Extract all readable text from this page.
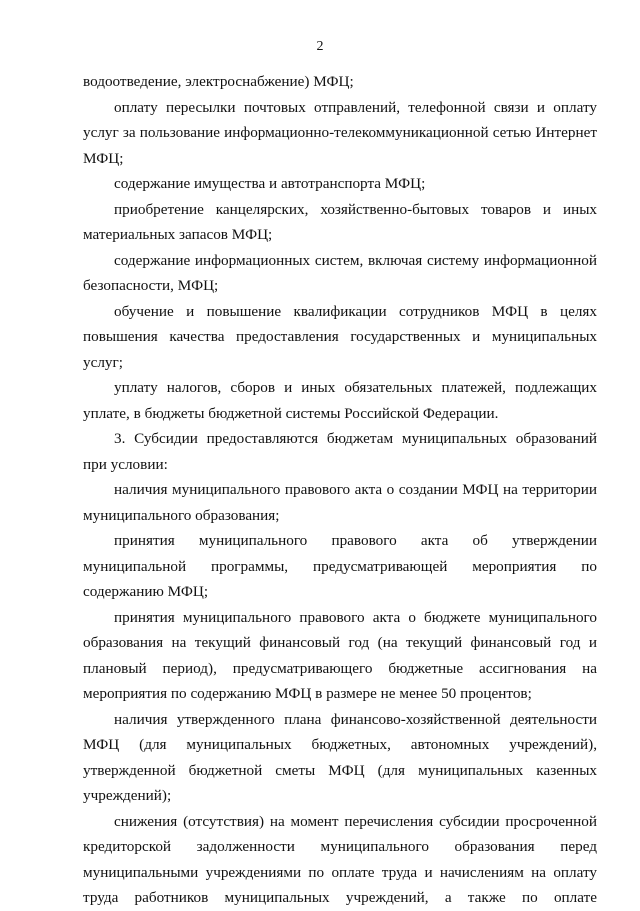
2

водоотведение, электроснабжение) МФЦ;

оплату пересылки почтовых отправлений, телефонной связи и оплату услуг за пользование информационно-телекоммуникационной сетью Интернет МФЦ;

содержание имущества и автотранспорта МФЦ;

приобретение канцелярских, хозяйственно-бытовых товаров и иных материальных запасов МФЦ;

содержание информационных систем, включая систему информационной безопасности, МФЦ;

обучение и повышение квалификации сотрудников МФЦ в целях повышения качества предоставления государственных и муниципальных услуг;

уплату налогов, сборов и иных обязательных платежей, подлежащих уплате, в бюджеты бюджетной системы Российской Федерации.

3. Субсидии предоставляются бюджетам муниципальных образований при условии:

наличия муниципального правового акта о создании МФЦ на территории муниципального образования;

принятия муниципального правового акта об утверждении муниципальной программы, предусматривающей мероприятия по содержанию МФЦ;

принятия муниципального правового акта о бюджете муниципального образования на текущий финансовый год (на текущий финансовый год и плановый период), предусматривающего бюджетные ассигнования на мероприятия по содержанию МФЦ в размере не менее 50 процентов;

наличия утвержденного плана финансово-хозяйственной деятельности МФЦ (для муниципальных бюджетных, автономных учреждений), утвержденной бюджетной сметы МФЦ (для муниципальных казенных учреждений);

снижения (отсутствия) на момент перечисления субсидии просроченной кредиторской задолженности муниципального образования перед муниципальными учреждениями по оплате труда и начислениям на оплату труда работников муниципальных учреждений, а также по оплате
